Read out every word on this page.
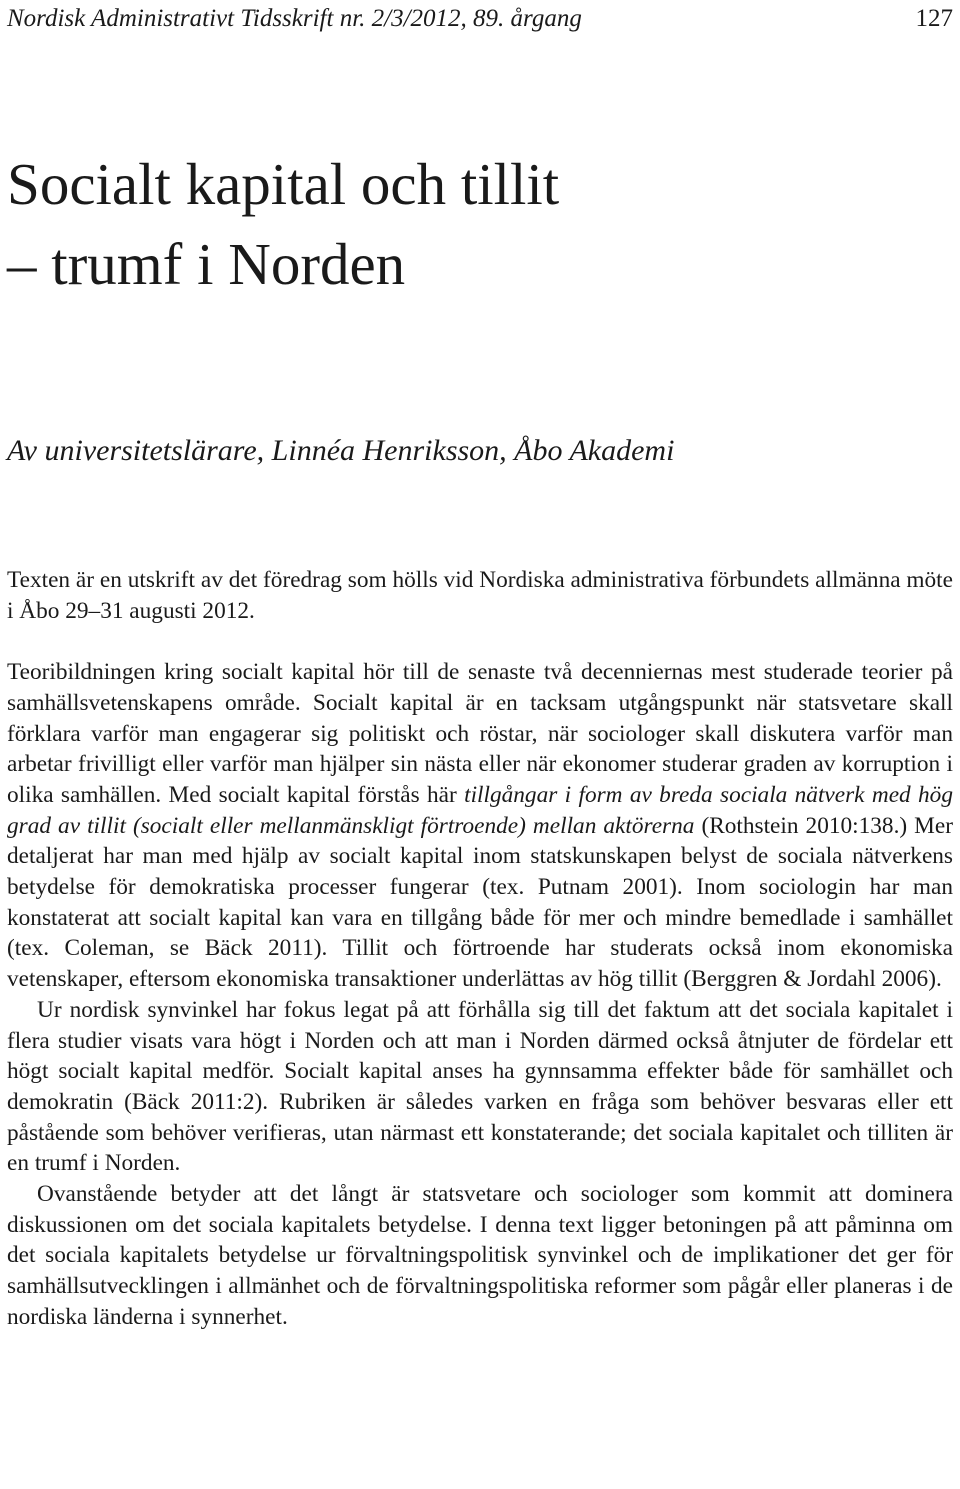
Nordisk Administrativt Tidsskrift nr. 2/3/2012, 89. årgang	127
Socialt kapital och tillit
– trumf i Norden
Av universitetslärare, Linnéa Henriksson, Åbo Akademi

Texten är en utskrift av det föredrag som hölls vid Nordiska administrativa förbundets allmänna möte i Åbo 29–31 augusti 2012.

Teoribildningen kring socialt kapital hör till de senaste två decenniernas mest studerade teorier på samhällsvetenskapens område. Socialt kapital är en tacksam utgångspunkt när statsvetare skall förklara varför man engagerar sig politiskt och röstar, när sociologer skall diskutera varför man arbetar frivilligt eller varför man hjälper sin nästa eller när ekonomer studerar graden av korruption i olika samhällen. Med socialt kapital förstås här tillgångar i form av breda sociala nätverk med hög grad av tillit (socialt eller mellanmänskligt förtroende) mellan aktörerna (Rothstein 2010:138.) Mer detaljerat har man med hjälp av socialt kapital inom statskunskapen belyst de sociala nätverkens betydelse för demokratiska processer fungerar (tex. Putnam 2001). Inom sociologin har man konstaterat att socialt kapital kan vara en tillgång både för mer och mindre bemedlade i samhället (tex. Coleman, se Bäck 2011). Tillit och förtroende har studerats också inom ekonomiska vetenskaper, eftersom ekonomiska transaktioner underlättas av hög tillit (Berggren & Jordahl 2006).

Ur nordisk synvinkel har fokus legat på att förhålla sig till det faktum att det sociala kapitalet i flera studier visats vara högt i Norden och att man i Norden därmed också åtnjuter de fördelar ett högt socialt kapital medför. Socialt kapital anses ha gynnsamma effekter både för samhället och demokratin (Bäck 2011:2). Rubriken är således varken en fråga som behöver besvaras eller ett påstående som behöver verifieras, utan närmast ett konstaterande; det sociala kapitalet och tilliten är en trumf i Norden.

Ovanstående betyder att det långt är statsvetare och sociologer som kommit att dominera diskussionen om det sociala kapitalets betydelse. I denna text ligger betoningen på att påminna om det sociala kapitalets betydelse ur förvaltningspolitisk synvinkel och de implikationer det ger för samhällsutvecklingen i allmänhet och de förvaltningspolitiska reformer som pågår eller planeras i de nordiska länderna i synnerhet.
